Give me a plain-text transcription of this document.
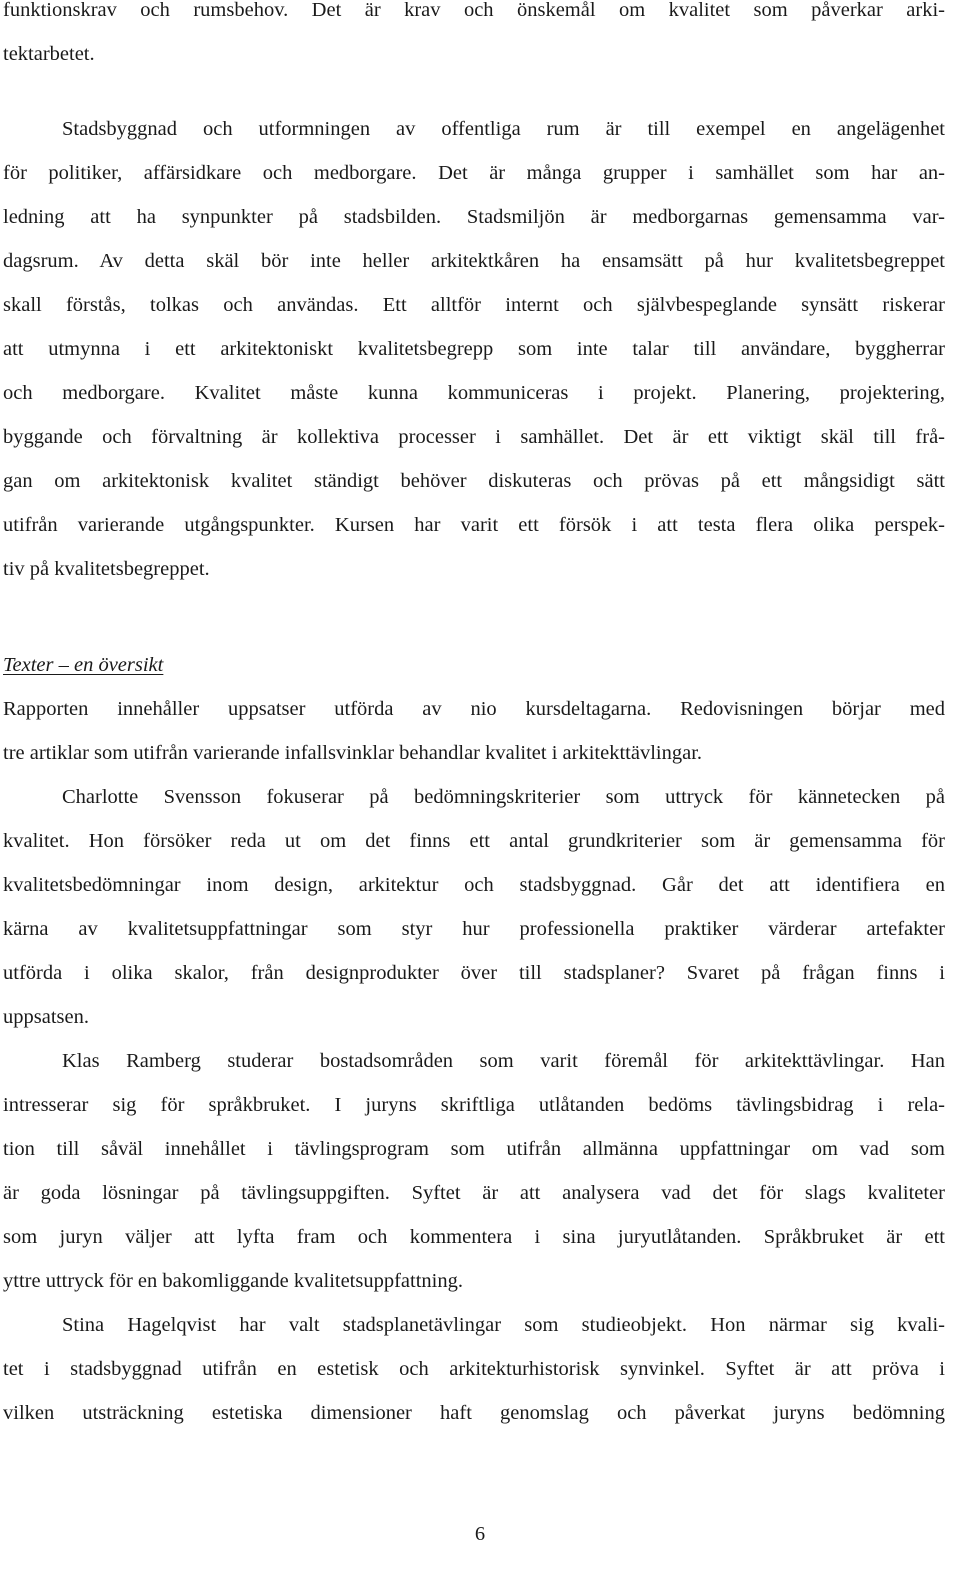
funktionskrav och rumsbehov. Det är krav och önskemål om kvalitet som påverkar arki-
tektarbetet.
Stadsbyggnad och utformningen av offentliga rum är till exempel en angelägenhet
för politiker, affärsidkare och medborgare. Det är många grupper i samhället som har an-
ledning att ha synpunkter på stadsbilden. Stadsmiljön är medborgarnas gemensamma var-
dagsrum. Av detta skäl bör inte heller arkitektkåren ha ensamsätt på hur kvalitetsbegreppet
skall förstås, tolkas och användas. Ett alltför internt och självbespeglande synsätt riskerar
att utmynna i ett arkitektoniskt kvalitetsbegrepp som inte talar till användare, byggherrar
och medborgare. Kvalitet måste kunna kommuniceras i projekt. Planering, projektering,
byggande och förvaltning är kollektiva processer i samhället. Det är ett viktigt skäl till frå-
gan om arkitektonisk kvalitet ständigt behöver diskuteras och prövas på ett mångsidigt sätt
utifrån varierande utgångspunkter. Kursen har varit ett försök i att testa flera olika perspek-
tiv på kvalitetsbegreppet.
Texter – en översikt
Rapporten innehåller uppsatser utförda av nio kursdeltagarna. Redovisningen börjar med
tre artiklar som utifrån varierande infallsvinklar behandlar kvalitet i arkitekttävlingar.
Charlotte Svensson fokuserar på bedömningskriterier som uttryck för kännetecken på
kvalitet. Hon försöker reda ut om det finns ett antal grundkriterier som är gemensamma för
kvalitetsbedömningar inom design, arkitektur och stadsbyggnad. Går det att identifiera en
kärna av kvalitetsuppfattningar som styr hur professionella praktiker värderar artefakter
utförda i olika skalor, från designprodukter över till stadsplaner? Svaret på frågan finns i
uppsatsen.
Klas Ramberg studerar bostadsområden som varit föremål för arkitekttävlingar. Han
intresserar sig för språkbruket. I juryns skriftliga utlåtanden bedöms tävlingsbidrag i rela-
tion till såväl innehållet i tävlingsprogram som utifrån allmänna uppfattningar om vad som
är goda lösningar på tävlingsuppgiften. Syftet är att analysera vad det för slags kvaliteter
som juryn väljer att lyfta fram och kommentera i sina juryutlåtanden. Språkbruket är ett
yttre uttryck för en bakomliggande kvalitetsuppfattning.
Stina Hagelqvist har valt stadsplanetävlingar som studieobjekt. Hon närmar sig kvali-
tet i stadsbyggnad utifrån en estetisk och arkitekturhistorisk synvinkel. Syftet är att pröva i
vilken utsträckning estetiska dimensioner haft genomslag och påverkat juryns bedömning
6
